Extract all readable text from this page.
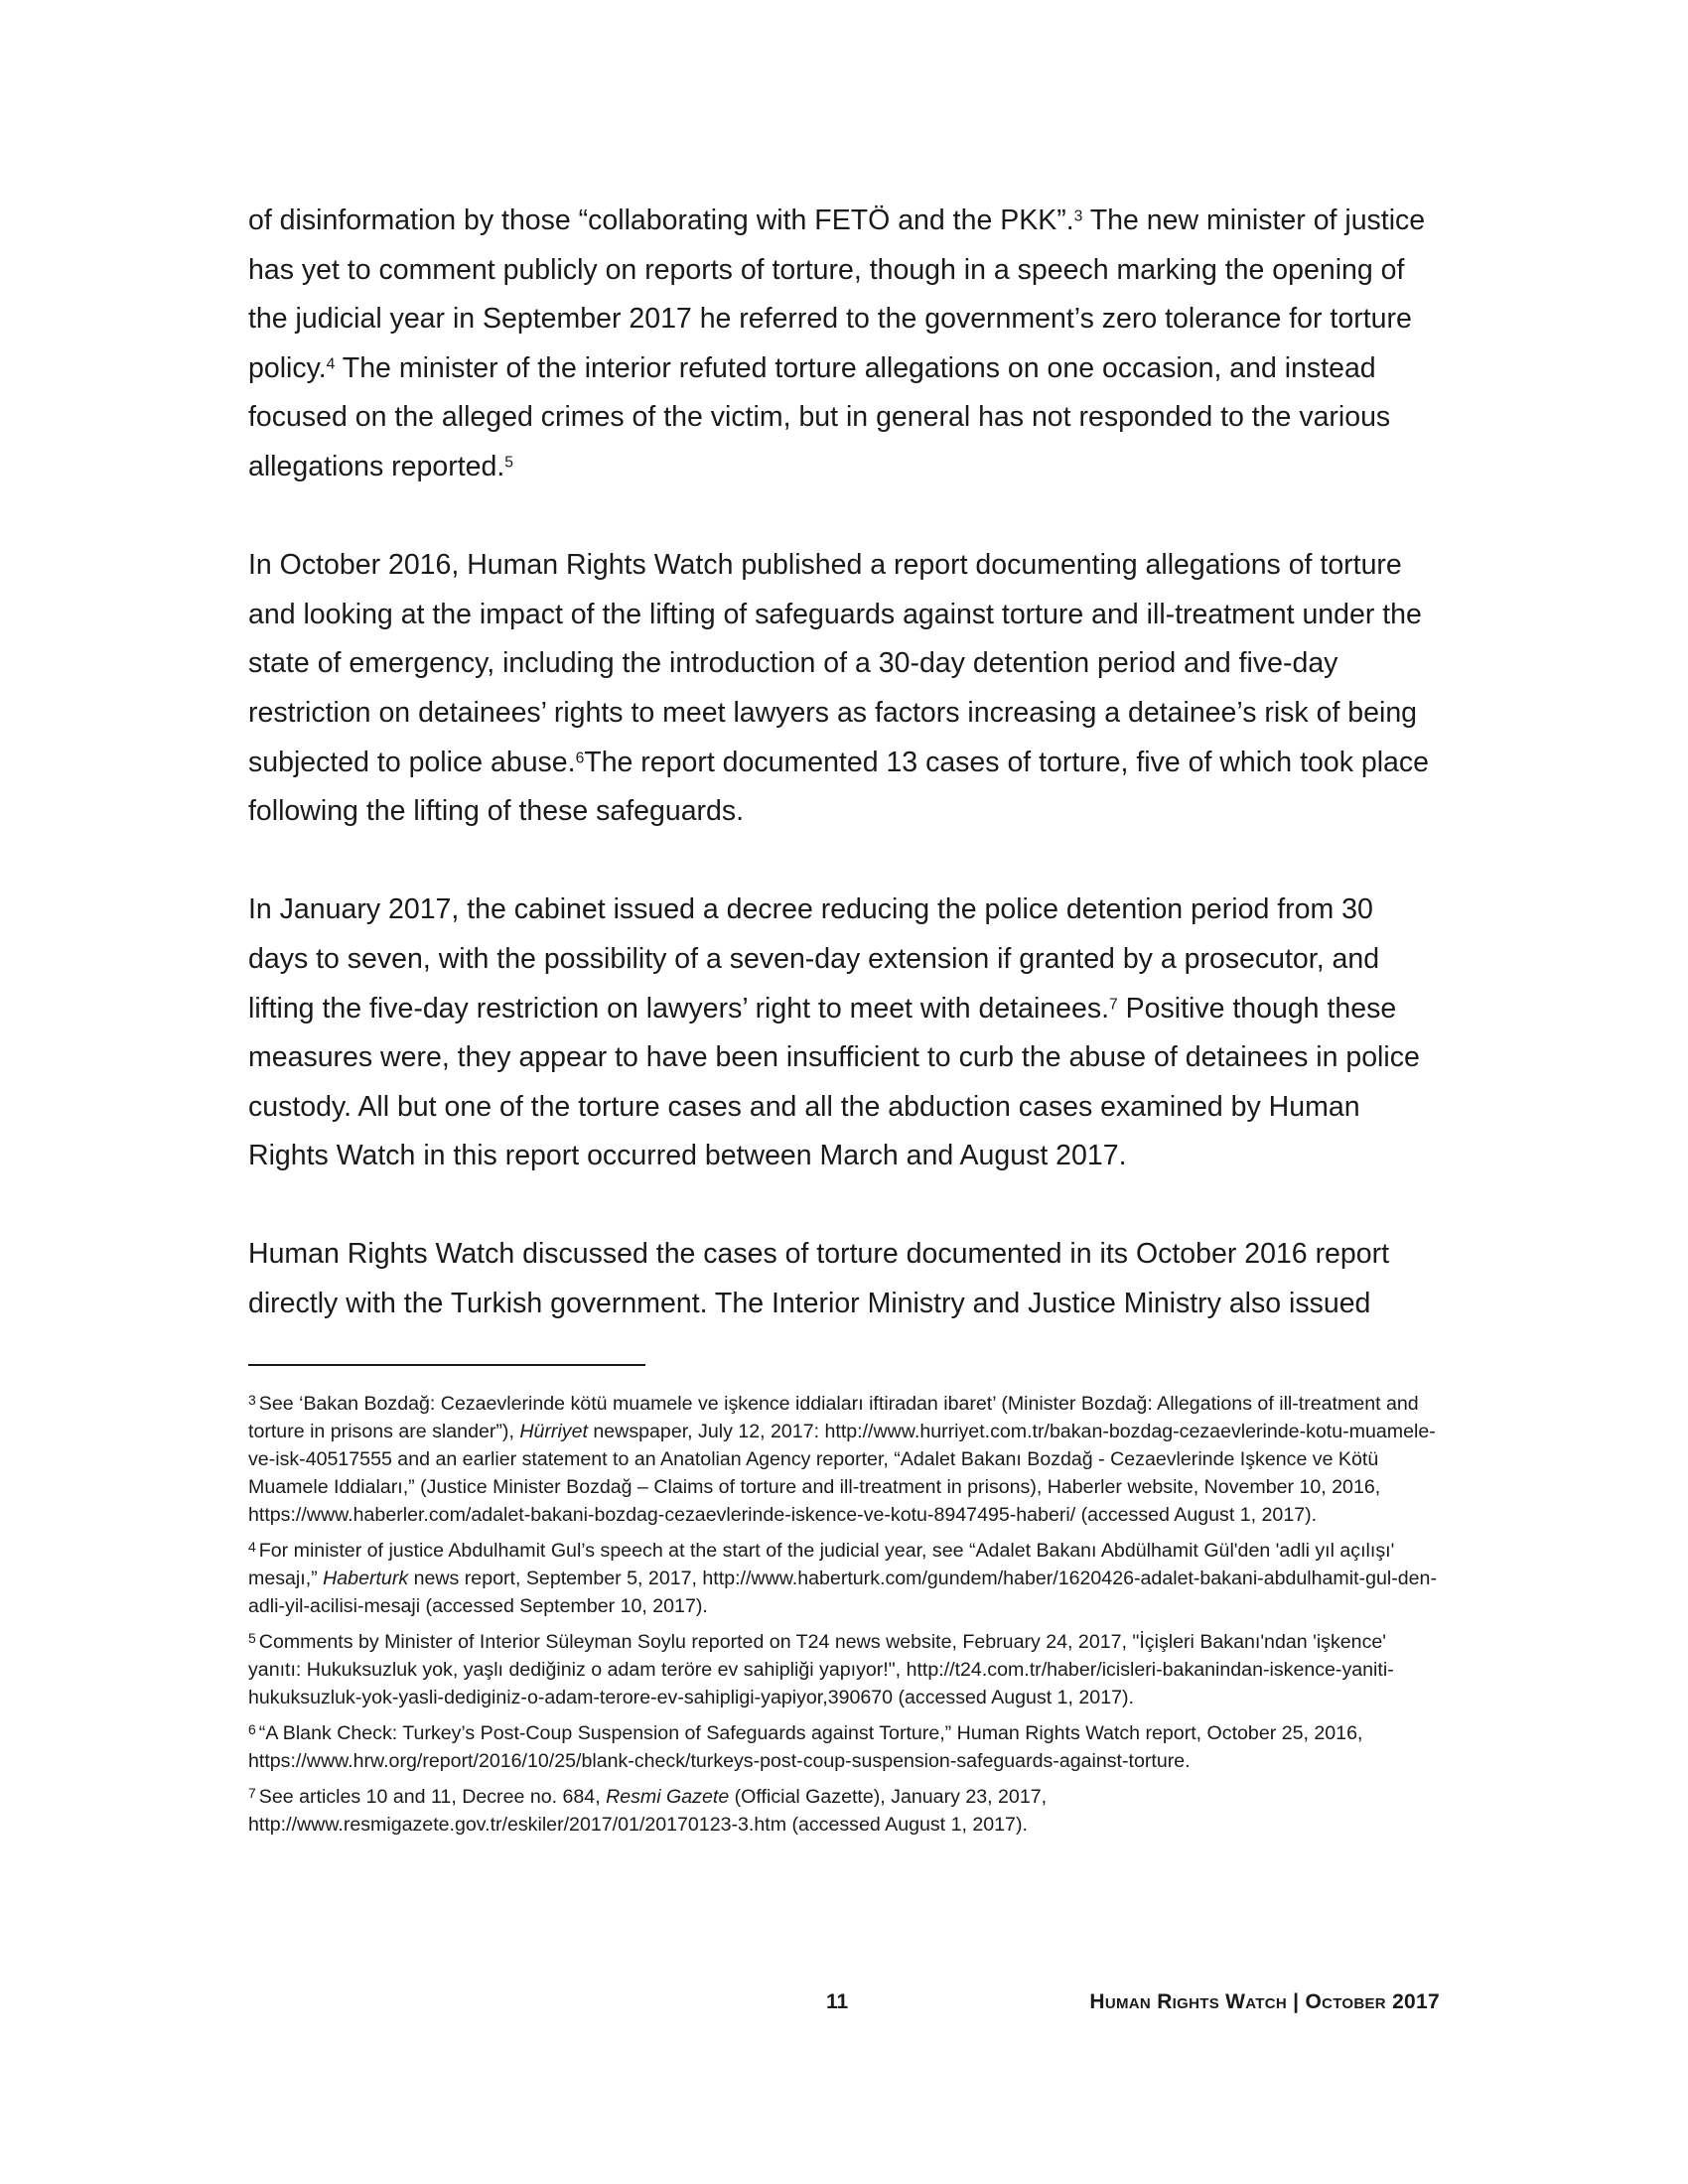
of disinformation by those “collaborating with FETÖ and the PKK”.$^3$ The new minister of justice has yet to comment publicly on reports of torture, though in a speech marking the opening of the judicial year in September 2017 he referred to the government’s zero tolerance for torture policy.$^4$ The minister of the interior refuted torture allegations on one occasion, and instead focused on the alleged crimes of the victim, but in general has not responded to the various allegations reported.$^5$

In October 2016, Human Rights Watch published a report documenting allegations of torture and looking at the impact of the lifting of safeguards against torture and ill-treatment under the state of emergency, including the introduction of a 30-day detention period and five-day restriction on detainees’ rights to meet lawyers as factors increasing a detainee’s risk of being subjected to police abuse.$^6$The report documented 13 cases of torture, five of which took place following the lifting of these safeguards.

In January 2017, the cabinet issued a decree reducing the police detention period from 30 days to seven, with the possibility of a seven-day extension if granted by a prosecutor, and lifting the five-day restriction on lawyers’ right to meet with detainees.$^7$ Positive though these measures were, they appear to have been insufficient to curb the abuse of detainees in police custody. All but one of the torture cases and all the abduction cases examined by Human Rights Watch in this report occurred between March and August 2017.

Human Rights Watch discussed the cases of torture documented in its October 2016 report directly with the Turkish government. The Interior Ministry and Justice Ministry also issued

$^3$ See ‘Bakan Bozdağ: Cezaevlerinde kötü muamele ve işkence iddiaları iftiradan ibaret’ (Minister Bozdağ: Allegations of ill-treatment and torture in prisons are slander”), Hürriyet newspaper, July 12, 2017: http://www.hurriyet.com.tr/bakan-bozdag-cezaevlerinde-kotu-muamele-ve-isk-40517555 and an earlier statement to an Anatolian Agency reporter, “Adalet Bakanı Bozdağ - Cezaevlerinde Işkence ve Kötü Muamele Iddiaları,” (Justice Minister Bozdağ – Claims of torture and ill-treatment in prisons), Haberler website, November 10, 2016, https://www.haberler.com/adalet-bakani-bozdag-cezaevlerinde-iskence-ve-kotu-8947495-haberi/ (accessed August 1, 2017).
$^4$ For minister of justice Abdulhamit Gul’s speech at the start of the judicial year, see “Adalet Bakanı Abdülhamit Gül'den 'adli yıl açılışı' mesajı,” Haberturk news report, September 5, 2017, http://www.haberturk.com/gundem/haber/1620426-adalet-bakani-abdulhamit-gul-den-adli-yil-acilisi-mesaji (accessed September 10, 2017).
$^5$ Comments by Minister of Interior Süleyman Soylu reported on T24 news website, February 24, 2017, "İçişleri Bakanı'ndan 'işkence' yanıtı: Hukuksuzluk yok, yaşlı dediğiniz o adam teröre ev sahipliği yapıyor!", http://t24.com.tr/haber/icisleri-bakanindan-iskence-yaniti-hukuksuzluk-yok-yasli-dediginiz-o-adam-terore-ev-sahipligi-yapiyor,390670 (accessed August 1, 2017).
$^6$ “A Blank Check: Turkey’s Post-Coup Suspension of Safeguards against Torture,” Human Rights Watch report, October 25, 2016, https://www.hrw.org/report/2016/10/25/blank-check/turkeys-post-coup-suspension-safeguards-against-torture.
$^7$ See articles 10 and 11, Decree no. 684, Resmi Gazete (Official Gazette), January 23, 2017, http://www.resmigazete.gov.tr/eskiler/2017/01/20170123-3.htm (accessed August 1, 2017).
11	Human Rights Watch | October 2017
